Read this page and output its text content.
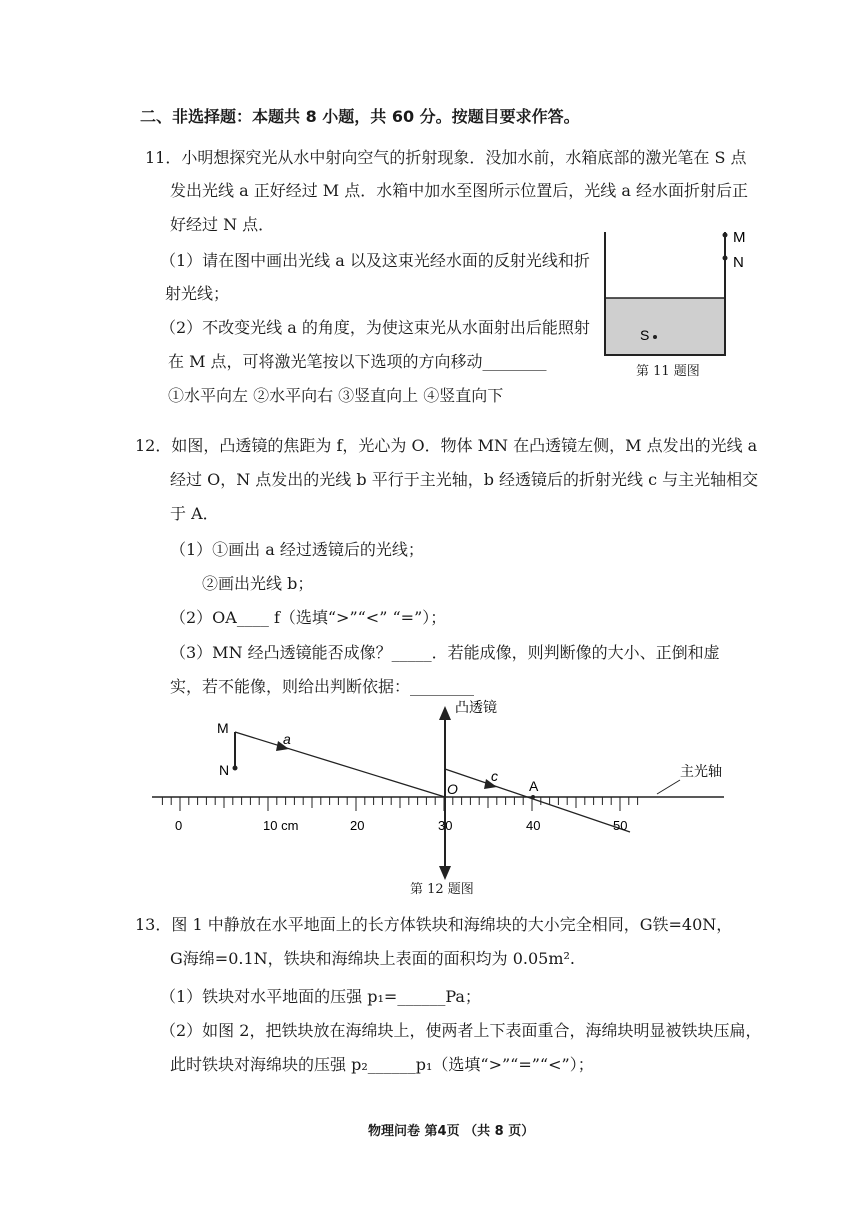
二、非选择题：本题共 8 小题，共 60 分。按题目要求作答。
11．小明想探究光从水中射向空气的折射现象．没加水前，水箱底部的激光笔在 S 点
发出光线 a 正好经过 M 点．水箱中加水至图所示位置后，光线 a 经水面折射后正
好经过 N 点．
（1）请在图中画出光线 a 以及这束光经水面的反射光线和折
射光线；
（2）不改变光线 a 的角度，为使这束光从水面射出后能照射
在 M 点，可将激光笔按以下选项的方向移动________
①水平向左 ②水平向右 ③竖直向上 ④竖直向下
M
N
S
第 11 题图
12．如图，凸透镜的焦距为 f，光心为 O．物体 MN 在凸透镜左侧，M 点发出的光线 a
经过 O，N 点发出的光线 b 平行于主光轴，b 经透镜后的折射光线 c 与主光轴相交
于 A．
（1）①画出 a 经过透镜后的光线；
②画出光线 b；
（2）OA____ f（选填“>”“<” “=”）；
（3）MN 经凸透镜能否成像？_____．若能成像，则判断像的大小、正倒和虚
实，若不能像，则给出判断依据：________
凸透镜
M
N
a
c
A
O
主光轴
0	10 cm	20	30	40	50
第 12 题图
13．图 1 中静放在水平地面上的长方体铁块和海绵块的大小完全相同，G铁=40N，
G海绵=0.1N，铁块和海绵块上表面的面积均为 0.05m².
（1）铁块对水平地面的压强 p₁=______Pa；
（2）如图 2，把铁块放在海绵块上，使两者上下表面重合，海绵块明显被铁块压扁，
此时铁块对海绵块的压强 p₂______p₁（选填“>”“=”“<”）；
物理问卷 第4页 （共 8 页）
